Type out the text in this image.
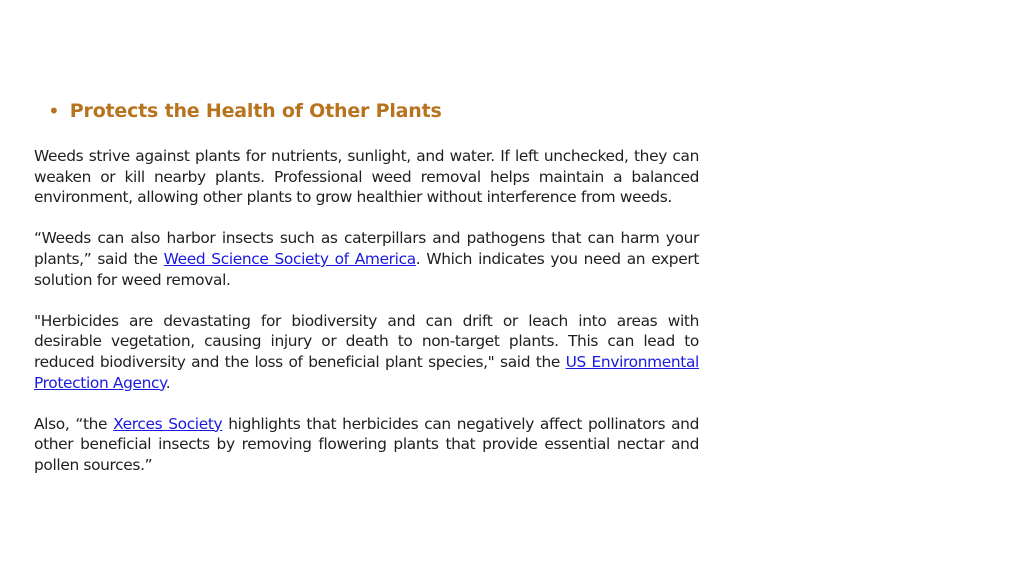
• Protects the Health of Other Plants

Weeds strive against plants for nutrients, sunlight, and water. If left unchecked, they can weaken or kill nearby plants. Professional weed removal helps maintain a balanced environment, allowing other plants to grow healthier without interference from weeds.

“Weeds can also harbor insects such as caterpillars and pathogens that can harm your plants,” said the Weed Science Society of America. Which indicates you need an expert solution for weed removal.

"Herbicides are devastating for biodiversity and can drift or leach into areas with desirable vegetation, causing injury or death to non-target plants. This can lead to reduced biodiversity and the loss of beneficial plant species," said the US Environmental Protection Agency.

Also, “the Xerces Society highlights that herbicides can negatively affect pollinators and other beneficial insects by removing flowering plants that provide essential nectar and pollen sources.”
